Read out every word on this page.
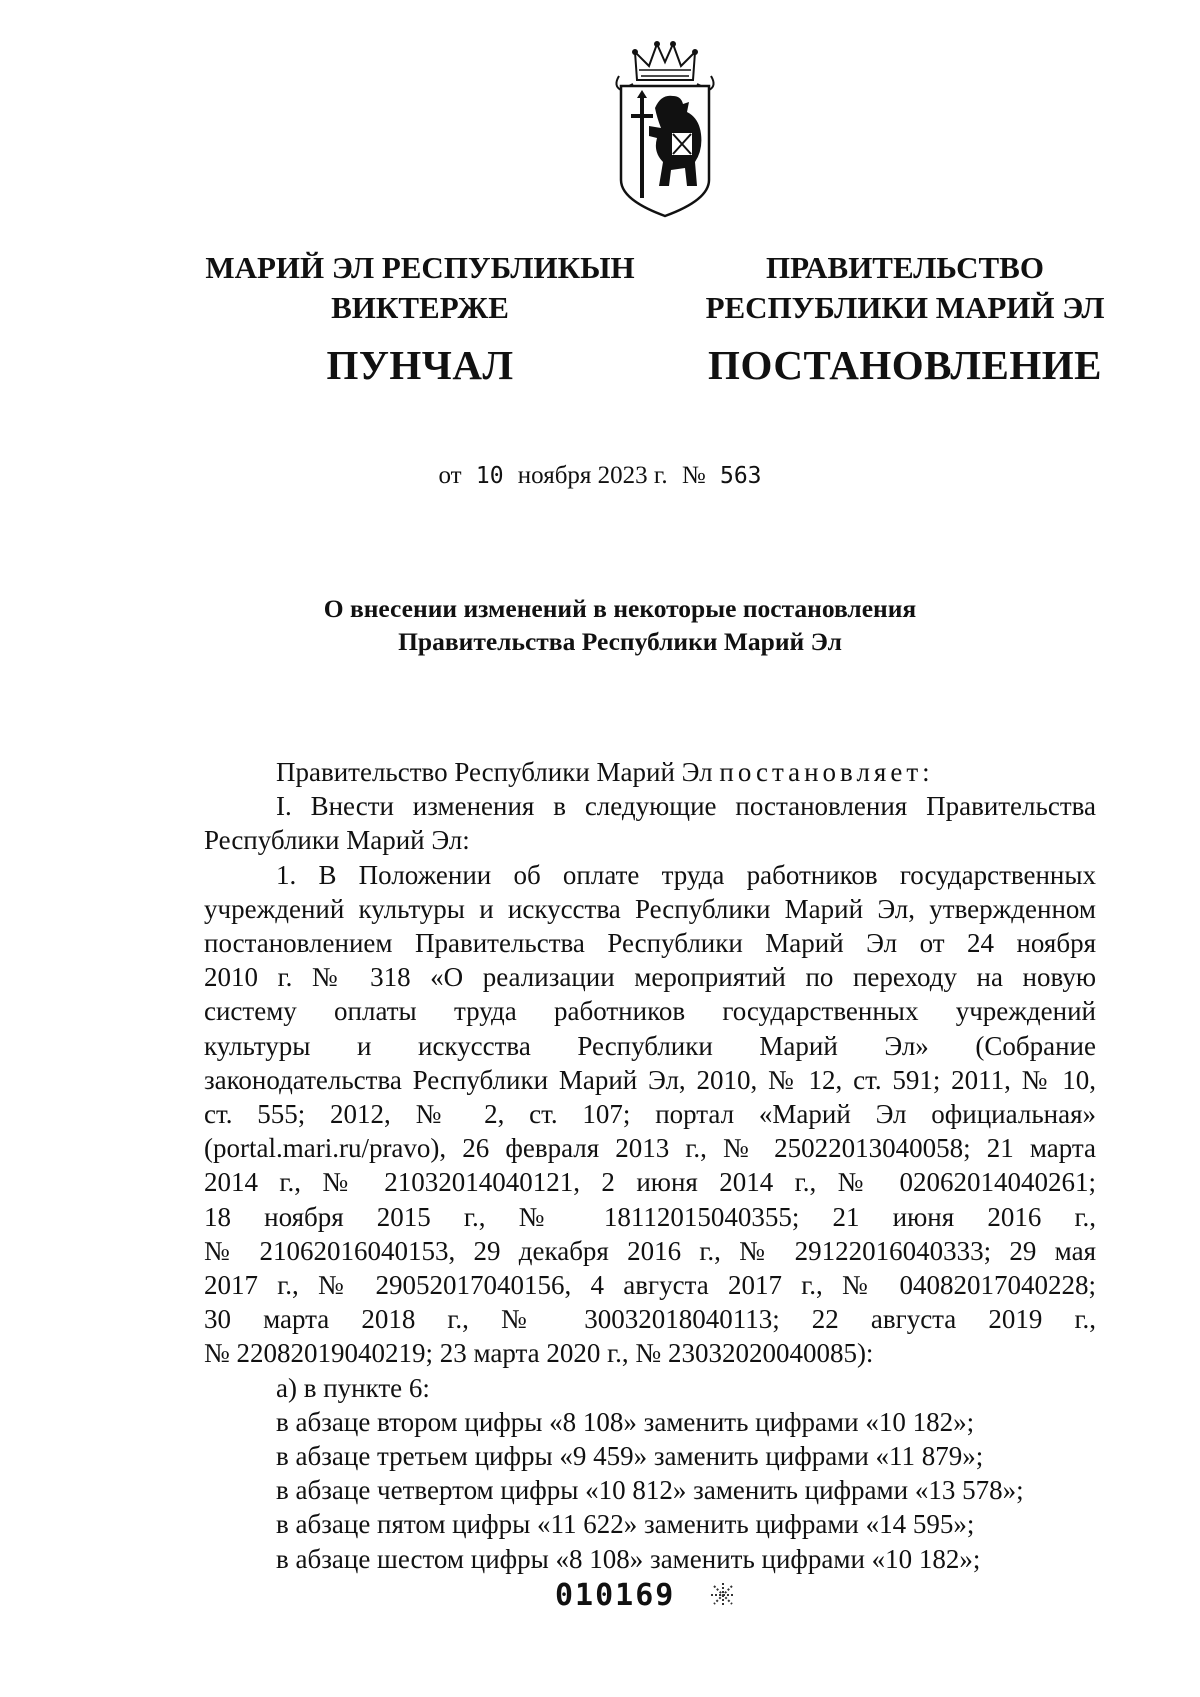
МАРИЙ ЭЛ РЕСПУБЛИКЫН
ВИКТЕРЖЕ
ПУНЧАЛ
ПРАВИТЕЛЬСТВО
РЕСПУБЛИКИ МАРИЙ ЭЛ
ПОСТАНОВЛЕНИЕ
от 10 ноября 2023 г. № 563
О внесении изменений в некоторые постановления
Правительства Республики Марий Эл
Правительство Республики Марий Эл постановляет:
I. Внести изменения в следующие постановления Правительства
Республики Марий Эл:
1. В Положении об оплате труда работников государственных
учреждений культуры и искусства Республики Марий Эл, утвержденном
постановлением Правительства Республики Марий Эл от 24 ноября
2010 г. № 318 «О реализации мероприятий по переходу на новую
систему оплаты труда работников государственных учреждений
культуры и искусства Республики Марий Эл» (Собрание
законодательства Республики Марий Эл, 2010, № 12, ст. 591; 2011, № 10,
ст. 555; 2012, № 2, ст. 107; портал «Марий Эл официальная»
(portal.mari.ru/pravo), 26 февраля 2013 г., № 25022013040058; 21 марта
2014 г., № 21032014040121, 2 июня 2014 г., № 02062014040261;
18 ноября 2015 г., № 18112015040355; 21 июня 2016 г.,
№ 21062016040153, 29 декабря 2016 г., № 29122016040333; 29 мая
2017 г., № 29052017040156, 4 августа 2017 г., № 04082017040228;
30 марта 2018 г., № 30032018040113; 22 августа 2019 г.,
№ 22082019040219; 23 марта 2020 г., № 23032020040085):
а) в пункте 6:
в абзаце втором цифры «8 108» заменить цифрами «10 182»;
в абзаце третьем цифры «9 459» заменить цифрами «11 879»;
в абзаце четвертом цифры «10 812» заменить цифрами «13 578»;
в абзаце пятом цифры «11 622» заменить цифрами «14 595»;
в абзаце шестом цифры «8 108» заменить цифрами «10 182»;
010169
